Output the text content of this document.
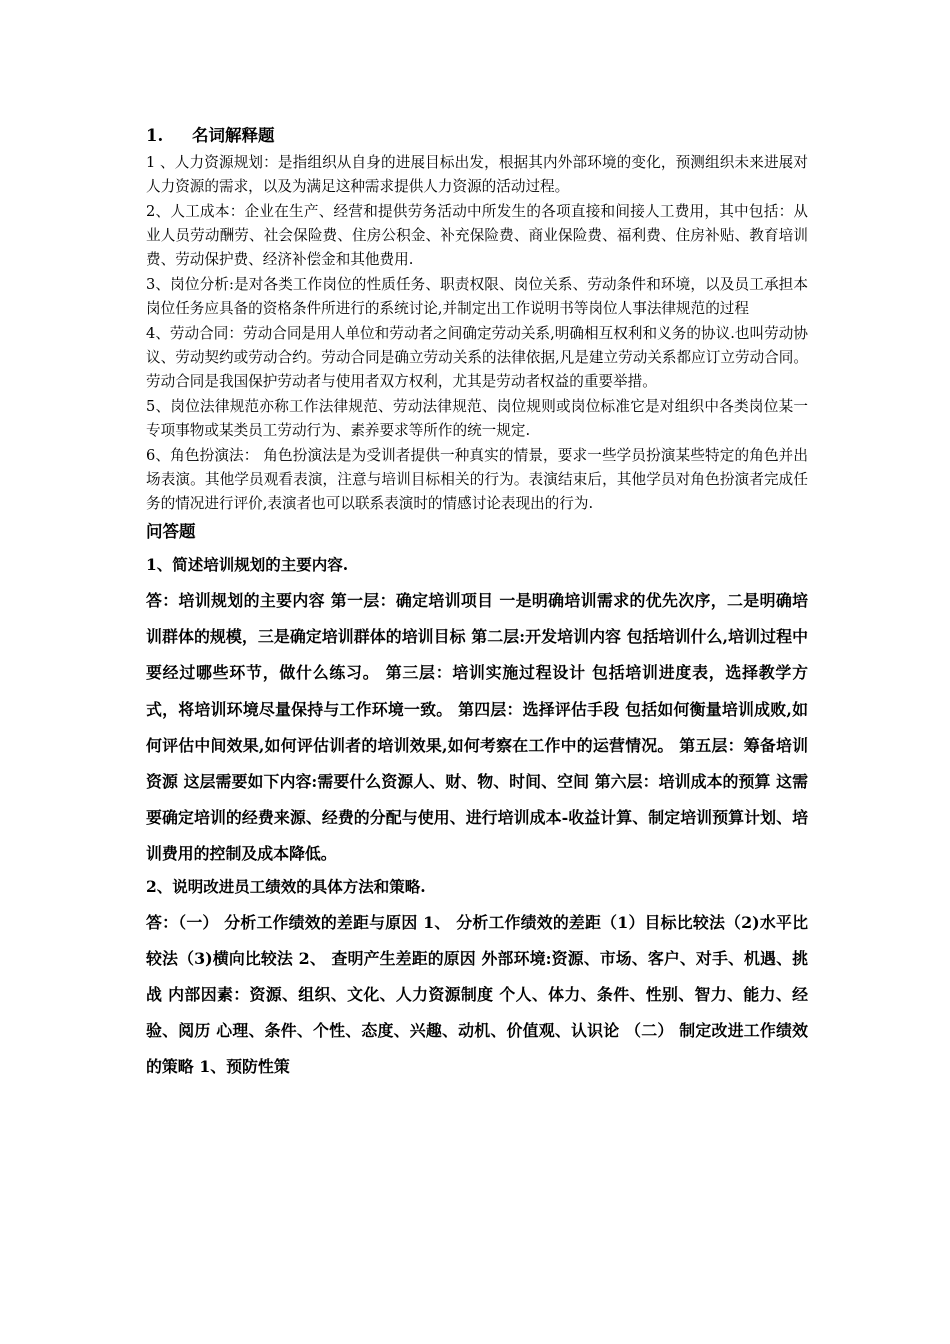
1. 名词解释题

1 、人力资源规划：是指组织从自身的进展目标出发，根据其内外部环境的变化，预测组织未来进展对人力资源的需求，以及为满足这种需求提供人力资源的活动过程。

2、人工成本：企业在生产、经营和提供劳务活动中所发生的各项直接和间接人工费用，其中包括：从业人员劳动酬劳、社会保险费、住房公积金、补充保险费、商业保险费、福利费、住房补贴、教育培训费、劳动保护费、经济补偿金和其他费用.

3、岗位分析:是对各类工作岗位的性质任务、职责权限、岗位关系、劳动条件和环境，以及员工承担本岗位任务应具备的资格条件所进行的系统讨论,并制定出工作说明书等岗位人事法律规范的过程

4、劳动合同：劳动合同是用人单位和劳动者之间确定劳动关系,明确相互权利和义务的协议.也叫劳动协议、劳动契约或劳动合约。劳动合同是确立劳动关系的法律依据,凡是建立劳动关系都应订立劳动合同。劳动合同是我国保护劳动者与使用者双方权利，尤其是劳动者权益的重要举措。

5、岗位法律规范亦称工作法律规范、劳动法律规范、岗位规则或岗位标准它是对组织中各类岗位某一专项事物或某类员工劳动行为、素养要求等所作的统一规定.

6、角色扮演法： 角色扮演法是为受训者提供一种真实的情景，要求一些学员扮演某些特定的角色并出场表演。其他学员观看表演，注意与培训目标相关的行为。表演结束后，其他学员对角色扮演者完成任务的情况进行评价,表演者也可以联系表演时的情感讨论表现出的行为.

问答题

1、简述培训规划的主要内容.

答：培训规划的主要内容 第一层：确定培训项目 一是明确培训需求的优先次序，二是明确培训群体的规模，三是确定培训群体的培训目标 第二层:开发培训内容 包括培训什么,培训过程中要经过哪些环节，做什么练习。 第三层：培训实施过程设计 包括培训进度表，选择教学方式，将培训环境尽量保持与工作环境一致。 第四层：选择评估手段 包括如何衡量培训成败,如何评估中间效果,如何评估训者的培训效果,如何考察在工作中的运营情况。 第五层：筹备培训资源 这层需要如下内容:需要什么资源人、财、物、时间、空间 第六层：培训成本的预算 这需要确定培训的经费来源、经费的分配与使用、进行培训成本-收益计算、制定培训预算计划、培训费用的控制及成本降低。

2、说明改进员工绩效的具体方法和策略.

答：（一） 分析工作绩效的差距与原因 1、 分析工作绩效的差距（1）目标比较法（2)水平比较法（3)横向比较法 2、 查明产生差距的原因 外部环境:资源、市场、客户、对手、机遇、挑战 内部因素：资源、组织、文化、人力资源制度 个人、体力、条件、性别、智力、能力、经验、阅历 心理、条件、个性、态度、兴趣、动机、价值观、认识论 （二） 制定改进工作绩效的策略 1、预防性策
